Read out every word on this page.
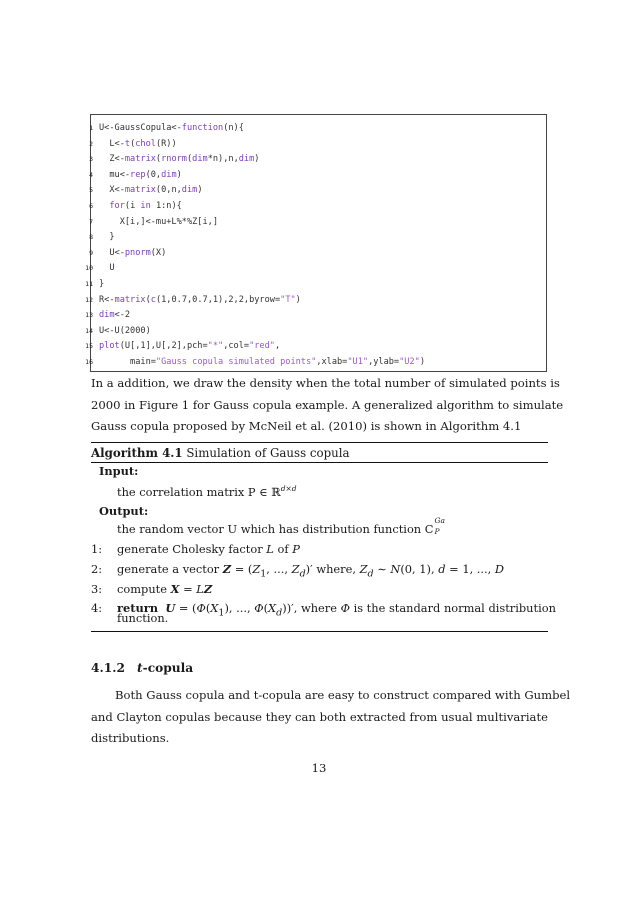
1 U<-GaussCopula<-function(n){
2 L<-t(chol(R))
3 Z<-matrix(rnorm(dim*n),n,dim)
4 mu<-rep(0,dim)
5 X<-matrix(0,n,dim)
6	for(i in 1:n){
7 X[i,]<-mu+L%*%Z[i,]
8 }
9 U<-pnorm(X)
10 U
11 }
12 R<-matrix(c(1,0.7,0.7,1),2,2,byrow="T")
13 dim<-2
14 U<-U(2000)
15 plot(U[,1],U[,2],pch="*",col="red",
16 main="Gauss copula simulated points",xlab="U1",ylab="U2")
In a addition, we draw the density when the total number of simulated points is
2000 in Figure 1 for Gauss copula example. A generalized algorithm to simulate
Gauss copula proposed by McNeil et al. (2010) is shown in Algorithm 4.1
Algorithm 4.1 Simulation of Gauss copula
Input:
the correlation matrix P ∈ ℝ$^{d\times d}$
Output:
the random vector U which has distribution function C
Ga
P
1: generate Cholesky factor L of P
2: generate a vector $Z = (Z_1$, ..., $Z_d)'$ where, $Z_d$ ∼ N(0, 1), d = 1, ..., D
3: compute X = LZ
4: return $U = (\Phi(X_1)$, ..., $\Phi(X_d))'$, where Φ is the standard normal distribution
function.
4.1.2 t-copula
Both Gauss copula and t-copula are easy to construct compared with Gumbel
and Clayton copulas because they can both extracted from usual multivariate
distributions.
13
